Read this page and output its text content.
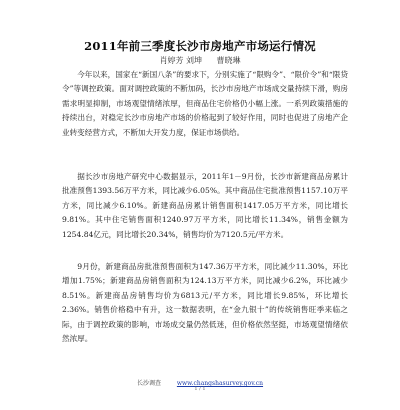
2011年前三季度长沙市房地产市场运行情况
肖婷芳 刘坤 曹晓琳

今年以来，国家在“新国八条”的要求下，分别实施了“限购令”、“限价令”和“限贷令”等调控政策。面对调控政策的不断加码，长沙市房地产市场成交量持续下滑，购房需求明显抑制，市场观望情绪浓厚，但商品住宅价格仍小幅上涨。一系列政策措施的持续出台，对稳定长沙市房地产市场的价格起到了较好作用，同时也促进了房地产企业转变经营方式，不断加大开发力度，保证市场供给。

据长沙市房地产研究中心数据显示，2011年1－9月份，长沙市新建商品房累计批准预售1393.56万平方米，同比减少6.05%。其中商品住宅批准预售1157.10万平方米，同比减少6.10%。新建商品房累计销售面积1417.05万平方米，同比增长9.81%。其中住宅销售面积1240.97万平方米，同比增长11.34%，销售金额为1254.84亿元，同比增长20.34%，销售均价为7120.5元/平方米。

9月份，新建商品房批准预售面积为147.36万平方米，同比减少11.30%，环比增加1.75%；新建商品房销售面积为124.13万平方米，同比减少6.2%，环比减少8.51%。新建商品房销售均价为6813元/平方米，同比增长9.85%，环比增长2.36%。销售价格稳中有升，这一数据表明，在“金九银十”的传统销售旺季来临之际，由于调控政策的影响，市场成交量仍然低迷，但价格依然坚挺，市场观望情绪依然浓厚。

长沙调查	www.changshasurvey.gov.cn
1 / 1
